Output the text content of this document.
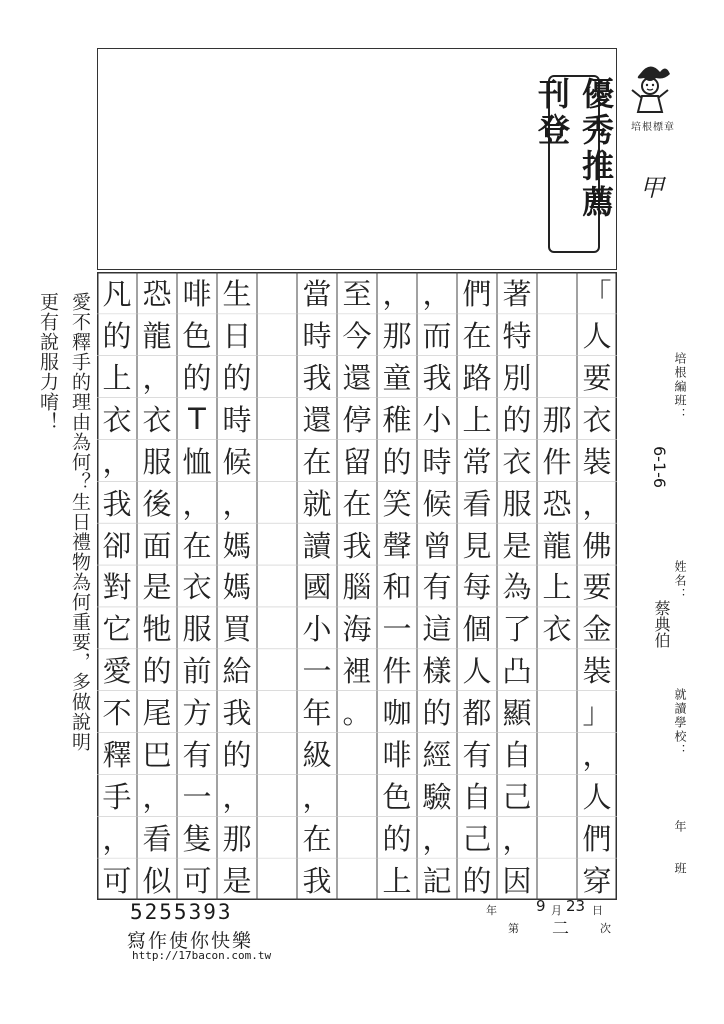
優秀推薦刊登	培根標章
甲
「
人
要
衣
裝
，
佛
要
金
裝
」
，
人
們
穿
那
件
恐
龍
上
衣
著
特
別
的
衣
服
是
為
了
凸
顯
自
己
，
因
們
在
路
上
常
看
見
每
個
人
都
有
自
己
的
，
而
我
小
時
候
曾
有
這
樣
的
經
驗
，
記
，
那
童
稚
的
笑
聲
和
一
件
咖
啡
色
的
上
至
今
還
停
留
在
我
腦
海
裡
。
當
時
我
還
在
就
讀
國
小
一
年
級
，
在
我
生
日
的
時
候
，
媽
媽
買
給
我
的
，
那
是
啡
色
的
T
恤
，
在
衣
服
前
方
有
一
隻
可
恐
龍
，
衣
服
後
面
是
牠
的
尾
巴
，
看
似
凡
的
上
衣
，
我
卻
對
它
愛
不
釋
手
，
可
培根編班：
6-1-6
姓名：
蔡典伯
就讀學校：
年
班
愛不釋手的理由為何？生日禮物為何重要，多做說明
更有說服力唷！
5255393
寫作使你快樂
http://17bacon.com.tw
年	9 月 23 日
第 二	次
